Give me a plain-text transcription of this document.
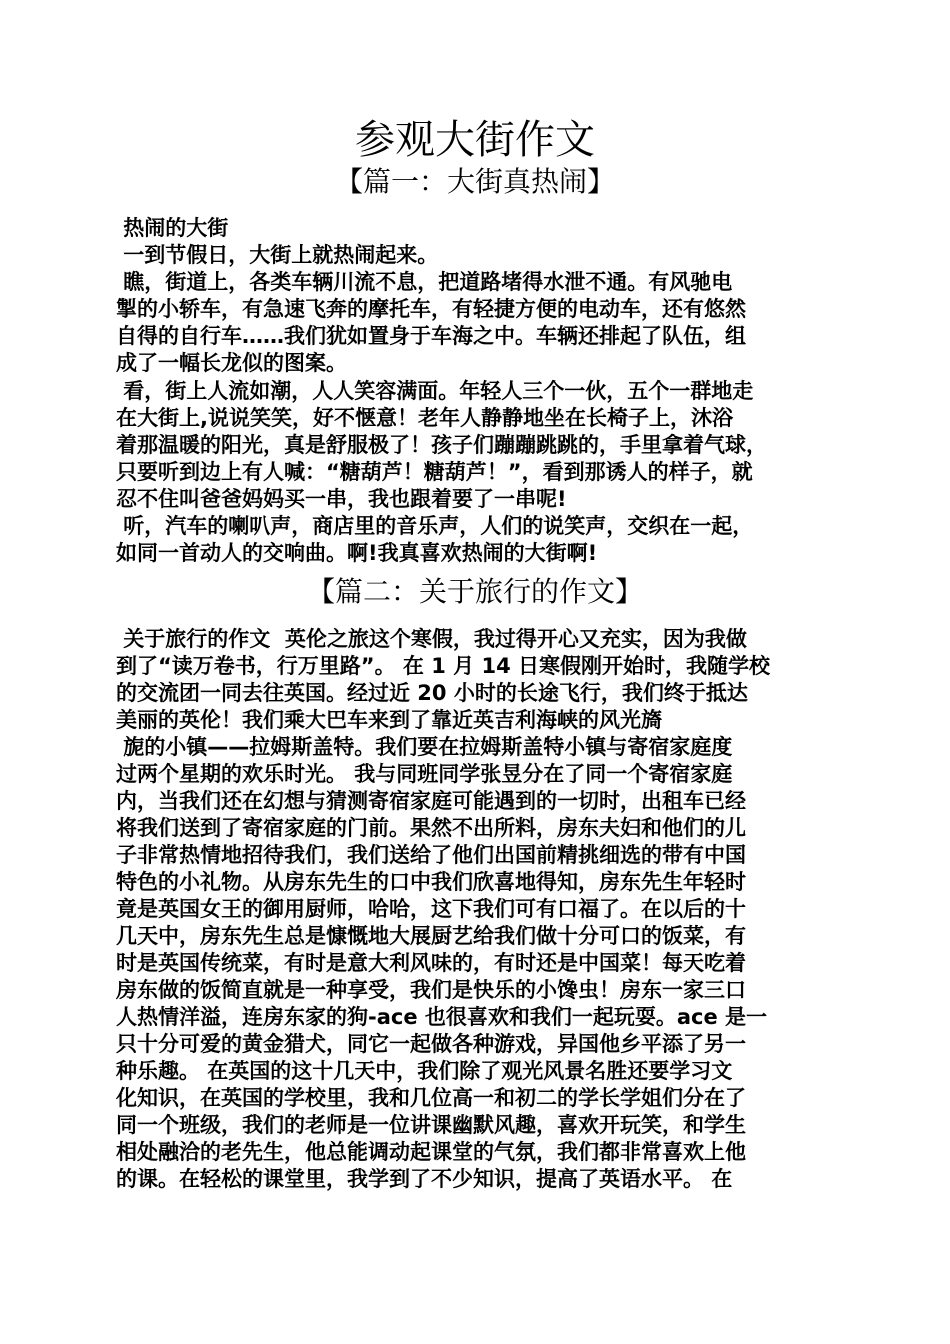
参观大街作文
【篇一：大街真热闹】

热闹的大街

一到节假日，大街上就热闹起来。

瞧，街道上，各类车辆川流不息，把道路堵得水泄不通。有风驰电

掣的小轿车，有急速飞奔的摩托车，有轻捷方便的电动车，还有悠然

自得的自行车……我们犹如置身于车海之中。车辆还排起了队伍，组

成了一幅长龙似的图案。

看，街上人流如潮，人人笑容满面。年轻人三个一伙，五个一群地走

在大街上,说说笑笑，好不惬意！老年人静静地坐在长椅子上，沐浴

着那温暖的阳光，真是舒服极了！孩子们蹦蹦跳跳的，手里拿着气球，

只要听到边上有人喊：“糖葫芦！糖葫芦！”，看到那诱人的样子，就

忍不住叫爸爸妈妈买一串，我也跟着要了一串呢!

听，汽车的喇叭声，商店里的音乐声，人们的说笑声，交织在一起，

如同一首动人的交响曲。啊!我真喜欢热闹的大街啊!

【篇二：关于旅行的作文】

关于旅行的作文  英伦之旅这个寒假，我过得开心又充实，因为我做

到了“读万卷书，行万里路”。 在 1 月 14 日寒假刚开始时，我随学校

的交流团一同去往英国。经过近 20 小时的长途飞行，我们终于抵达

美丽的英伦！我们乘大巴车来到了靠近英吉利海峡的风光旖

旎的小镇——拉姆斯盖特。我们要在拉姆斯盖特小镇与寄宿家庭度

过两个星期的欢乐时光。 我与同班同学张昱分在了同一个寄宿家庭

内，当我们还在幻想与猜测寄宿家庭可能遇到的一切时，出租车已经

将我们送到了寄宿家庭的门前。果然不出所料，房东夫妇和他们的儿

子非常热情地招待我们，我们送给了他们出国前精挑细选的带有中国

特色的小礼物。从房东先生的口中我们欣喜地得知，房东先生年轻时

竟是英国女王的御用厨师，哈哈，这下我们可有口福了。在以后的十

几天中，房东先生总是慷慨地大展厨艺给我们做十分可口的饭菜，有

时是英国传统菜，有时是意大利风味的，有时还是中国菜！每天吃着

房东做的饭简直就是一种享受，我们是快乐的小馋虫！房东一家三口

人热情洋溢，连房东家的狗-ace 也很喜欢和我们一起玩耍。ace 是一

只十分可爱的黄金猎犬，同它一起做各种游戏，异国他乡平添了另一

种乐趣。 在英国的这十几天中，我们除了观光风景名胜还要学习文

化知识，在英国的学校里，我和几位高一和初二的学长学姐们分在了

同一个班级，我们的老师是一位讲课幽默风趣，喜欢开玩笑，和学生

相处融洽的老先生，他总能调动起课堂的气氛，我们都非常喜欢上他

的课。在轻松的课堂里，我学到了不少知识，提高了英语水平。 在
